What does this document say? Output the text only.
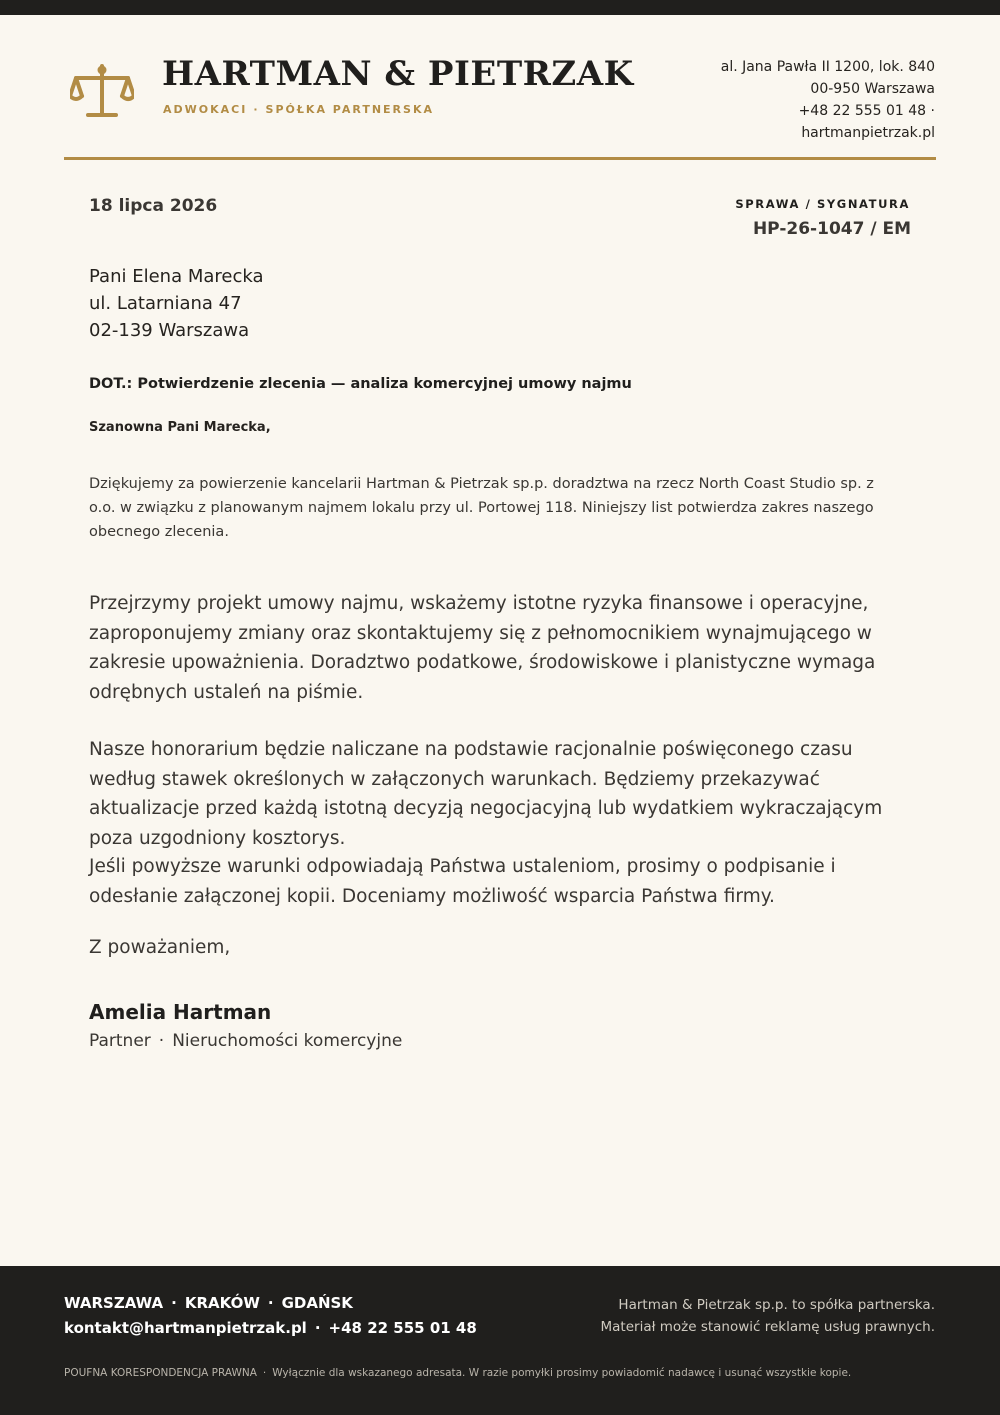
HARTMAN & PIETRZAK
ADWOKACI · SPÓŁKA PARTNERSKA
al. Jana Pawła II 1200, lok. 840
00-950 Warszawa
+48 22 555 01 48 ·
hartmanpietrzak.pl
18 lipca 2026	SPRAWA / SYGNATURA
HP-26-1047 / EM
Pani Elena Marecka
ul. Latarniana 47
02-139 Warszawa
DOT.: Potwierdzenie zlecenia — analiza komercyjnej umowy najmu
Szanowna Pani Marecka,
Dziękujemy za powierzenie kancelarii Hartman & Pietrzak sp.p. doradztwa na rzecz North Coast Studio sp. z o.o. w związku z planowanym najmem lokalu przy ul. Portowej 118. Niniejszy list potwierdza zakres naszego obecnego zlecenia.
Przejrzymy projekt umowy najmu, wskażemy istotne ryzyka finansowe i operacyjne, zaproponujemy zmiany oraz skontaktujemy się z pełnomocnikiem wynajmującego w zakresie upoważnienia. Doradztwo podatkowe, środowiskowe i planistyczne wymaga odrębnych ustaleń na piśmie.
Nasze honorarium będzie naliczane na podstawie racjonalnie poświęconego czasu według stawek określonych w załączonych warunkach. Będziemy przekazywać aktualizacje przed każdą istotną decyzją negocjacyjną lub wydatkiem wykraczającym poza uzgodniony kosztorys.
Jeśli powyższe warunki odpowiadają Państwa ustaleniom, prosimy o podpisanie i odesłanie załączonej kopii. Doceniamy możliwość wsparcia Państwa firmy.
Z poważaniem,
Amelia Hartman
Partner · Nieruchomości komercyjne
WARSZAWA · KRAKÓW · GDAŃSK
kontakt@hartmanpietrzak.pl · +48 22 555 01 48
Hartman & Pietrzak sp.p. to spółka partnerska.
Materiał może stanowić reklamę usług prawnych.
POUFNA KORESPONDENCJA PRAWNA · Wyłącznie dla wskazanego adresata. W razie pomyłki prosimy powiadomić nadawcę i usunąć wszystkie kopie.
